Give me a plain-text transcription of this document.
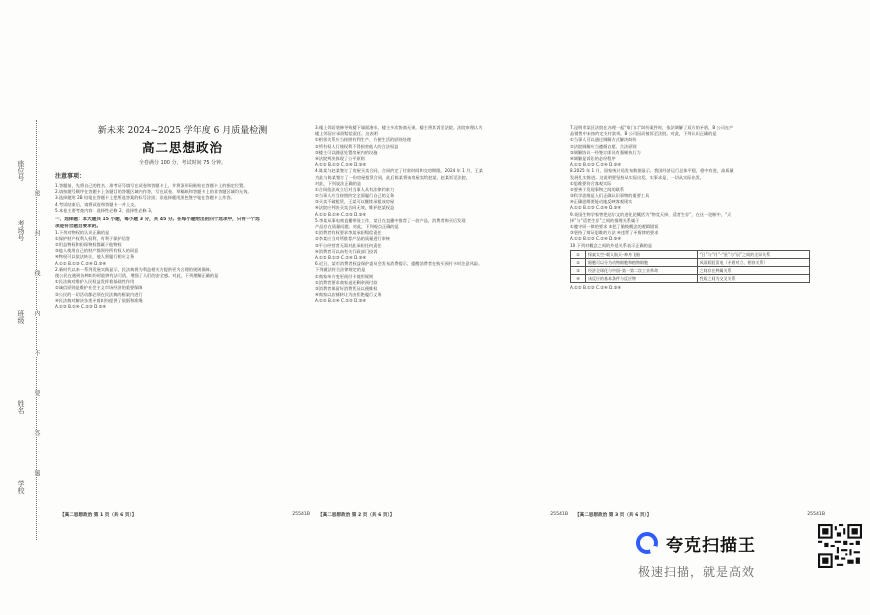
座位号
考场号
班级
姓名
学校
密
封
线
内
不
要
答
题
新未来 2024~2025 学年度 6 月质量检测
高二思想政治
全卷满分 100 分，考试时间 75 分钟。
注意事项：

1.答题前，先将自己的姓名、准考证号填写在试卷和答题卡上，并将条形码粘贴在答题卡上的指定位置。

2.请按题号顺序在答题卡上各题目的答题区域内作答，写在试卷、草稿纸和答题卡上的非答题区域均无效。

3.选择题用 2B 铅笔在答题卡上把所选答案的标号涂黑；非选择题用黑色签字笔在答题卡上作答。

4.考试结束后，请将试卷和答题卡一并上交。

5.本卷主要考查内容：选择性必修 2、选择性必修 3。

一、选择题：本大题共 15 小题，每小题 3 分，共 45 分。在每小题给出的四个选项中，只有一个选

项是符合题目要求的。

1.下列对物权的认识正确的是

①保护财产权利人权利，有利于保护信誉

②用益物权和担保物权都属于他物权

③他人使用自己的财产都须经所有权人的同意

④物权可以依法转让，他人须履行相应义务

A.①② B.①③ C.②④ D.③④

2.新时代以来一系列发展实践显示，民法典将为利益相关方提供更为合理的规则保障，

使公民在遇到各种纠纷时能够有法可依，增强了人们的安全感。对此，下列理解正确的是

①民法典对维护人民权益发挥着基础性作用

②诚信原则是维护社会主义市场经济的重要保障

③公民的一切活动都必须在民法典的框架内进行

④民法典对解决各类矛盾纠纷提供了依据和准绳

A.①③ B.①④ C.②③ D.②④

3.楼上邻居装修导致楼下墙面渗水，楼主多次协商无果。楼主将其诉至法院。法院审理认为

楼上邻居应承担赔偿责任。这表明

①相邻关系应当按照有利生产、方便生活的原则处理

②所有权人行使权利不得损害他人的合法权益

③楼主可以随意处置房屋内的设施

④法院判决体现了公平原则

A.①② B.①③ C.②④ D.③④

4.陈某与赵某签订了房屋买卖合同，合同约定了付款时间和交房期限。2024 年 1 月，王某

为此与陈某签订了一份房屋租赁合同，此后陈某将该房屋卖给赵某。赵某诉至法院。

对此，下列说法正确的是

①合同依法成立后对当事人具有法律约束力

②当事人应当按照约定全面履行自己的义务

③买卖不破租赁，王某可以继续承租该房屋

④法院应判决买卖合同无效，维护赵某权益

A.①② B.①④ C.②③ D.③④

5.李某从事电商直播带货工作，某日在直播中推荐了一款产品，消费者购买后发现

产品存在质量问题。对此，下列观点正确的是

①消费者有权要求李某承担赔偿责任

②李某应当对所推荐产品的质量进行审核

③平台经营者无需对此承担任何责任

④消费者可以向有关行政部门投诉

A.①② B.①③ C.②④ D.③④

6.近日，某市消费者权益保护委员会发布消费提示，提醒消费者在购买预付卡时注意风险。

下列做法符合法律规定的是

①商家单方变更预付卡使用规则

②消费者要求商家退还剩余预付款

③消费者保留好消费凭证以便维权

④商家以店铺转让为由拒绝履行义务

A.①② B.①④ C.②③ D.③④

7.昆明市某区法院在办理一起“家门口”纠纷案件时，依法调解了双方的矛盾，B 公司在产

品销售中未按约定支付款项。B 公司因而被诉至法院。对此，下列认识正确的是

①当事人可以通过调解方式解决纠纷

②法院调解应当遵循自愿、合法原则

③调解协议一经签订即具有强制执行力

④调解是诉讼的必经程序

A.①② B.①③ C.②④ D.③④

8.2025 年 1 月，国家统计局发布数据显示，我国经济运行总体平稳，稳中有进，高质量

发展扎实推进。这说明要坚持从实际出发，实事求是，一切从实际出发。

①思维要符合客观实际

②要善于发现事物之间的联系

③科学思维是人们正确认识事物的重要工具

④正确思维要能动地反映客观现实

A.①② B.①③ C.②④ D.③④

9.英国生物学家曾把达尔文的进化论概括为“物竞天择，适者生存”，在这一论断中，“天

择”与“适者生存”之间的推理关系属于

①遵守同一律的要求 ②犯了偷换概念的逻辑错误

③坚持了辩证思维的方法 ④违背了矛盾律的要求

A.①② B.①③ C.②④ D.③④

10.下列对概念之间的外延关系表示正确的是

①	探索太空–载人航天–神舟飞船	“日”与“月”–“星”与“辰”之间的全异关系
②	细胞可以分为动物细胞和植物细胞	风雨彩虹雷电（矛盾对立、相容关系）
③	经济全球化与中国–第一第二次工业革命	之间存在种属关系
④	该反应的基本条件与反应物	性质之间为交叉关系

A.①② B.①③ C.②④ D.③④

【高二思想政治 第 1 页（共 6 页）】	25541B 【高二思想政治 第 2 页（共 6 页）】	25541B 【高二思想政治 第 3 页（共 6 页）】	25541B
夸克扫描王
极速扫描，就是高效
